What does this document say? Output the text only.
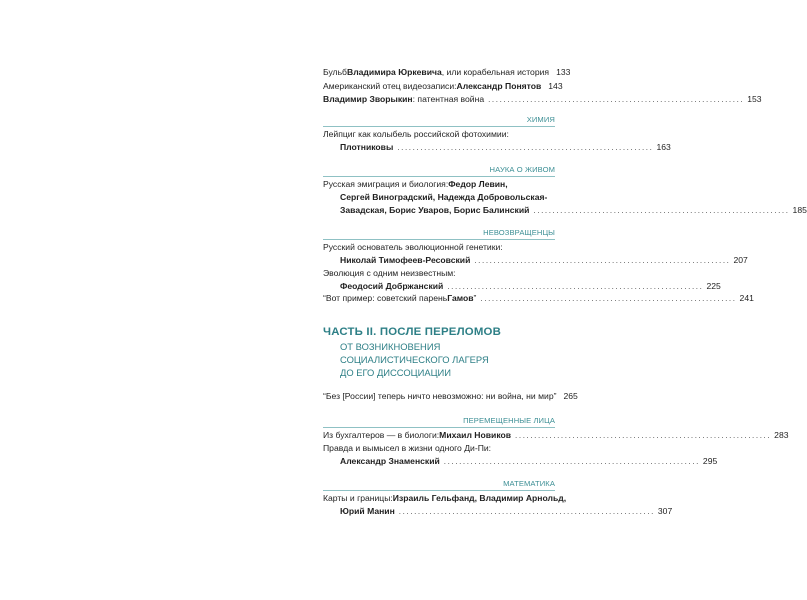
Бульб Владимира Юркевича , или корабельная история 133
Американский отец видеозаписи: Александр Понятов 143
Владимир Зворыкин : патентная война ................................................................... 153
ХИМИЯ
Лейпциг как колыбель российской фотохимии:
Плотниковы ................................................................... 163
НАУКА О ЖИВОМ
Русская эмиграция и биология: Федор Левин,
Сергей Виноградский, Надежда Добровольская-
Завадская, Борис Уваров, Борис Балинский ................................................................... 185
НЕВОЗВРАЩЕНЦЫ
Русский основатель эволюционной генетики:
Николай Тимофеев-Ресовский ................................................................... 207
Эволюция с одним неизвестным:
Феодосий Добржанский ................................................................... 225
“Вот пример: советский парень Гамов ” ................................................................... 241
ЧАСТЬ II. ПОСЛЕ ПЕРЕЛОМОВ
ОТ ВОЗНИКНОВЕНИЯ
СОЦИАЛИСТИЧЕСКОГО ЛАГЕРЯ
ДО ЕГО ДИССОЦИАЦИИ
“Без [России] теперь ничто невозможно: ни война, ни мир” 265
ПЕРЕМЕЩЕННЫЕ ЛИЦА
Из бухгалтеров — в биологи: Михаил Новиков ................................................................... 283
Правда и вымысел в жизни одного Ди-Пи:
Александр Знаменский ................................................................... 295
МАТЕМАТИКА
Карты и границы: Израиль Гельфанд, Владимир Арнольд,
Юрий Манин ................................................................... 307
